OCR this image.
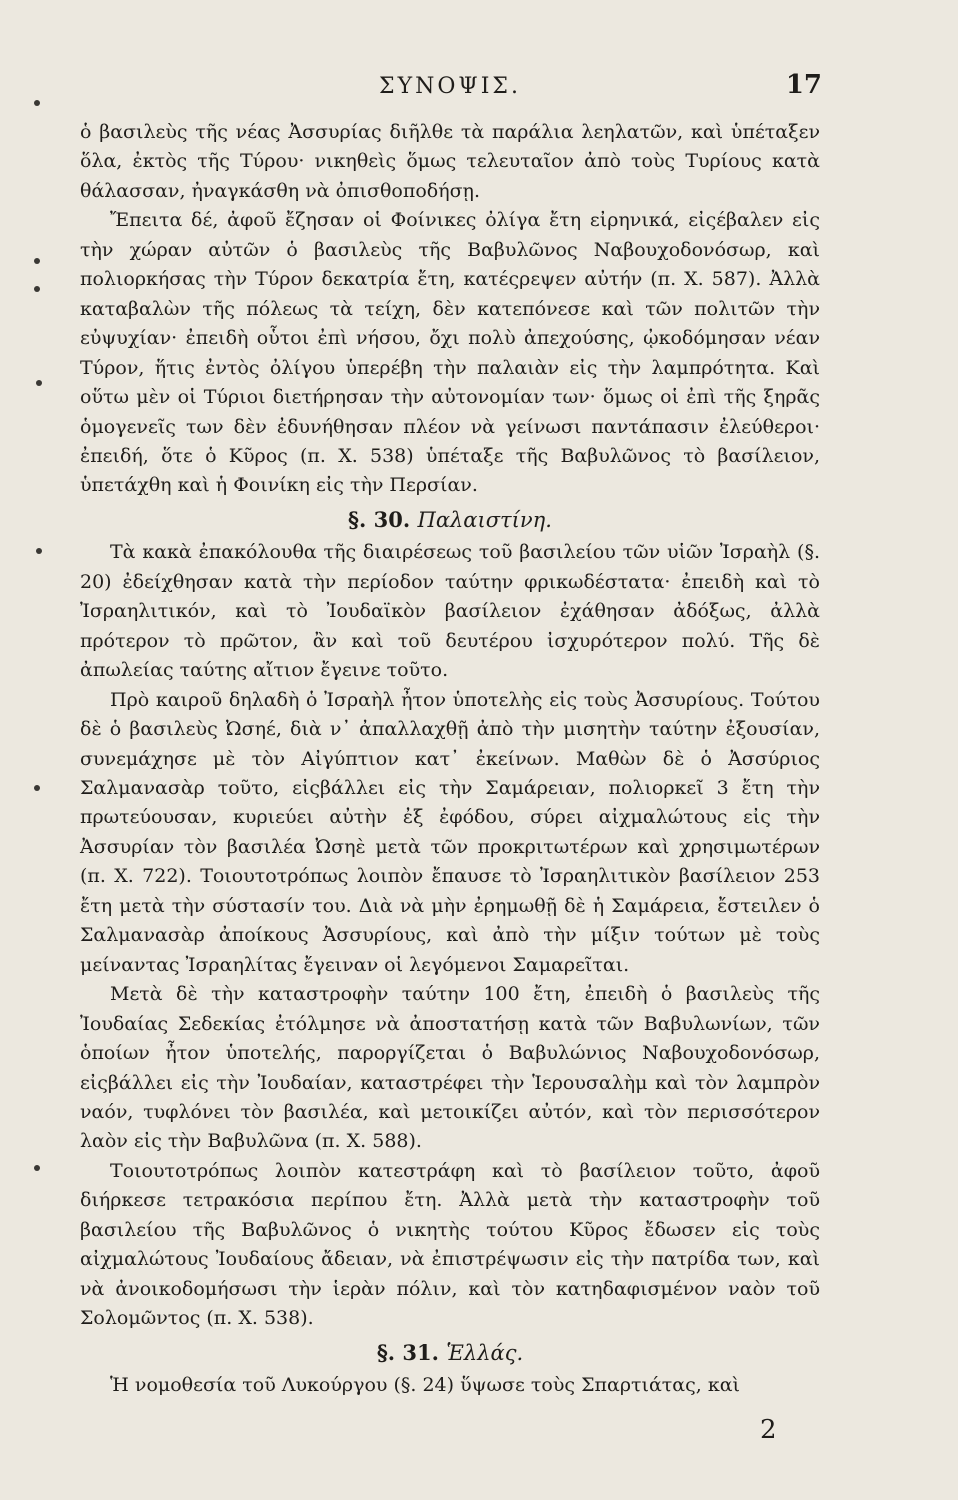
ΣΥΝΟΨΙΣ.	17

ὁ βασιλεὺς τῆς νέας Ἀσσυρίας διῆλθε τὰ παράλια λεηλατῶν, καὶ ὑπέταξεν ὅλα, ἐκτὸς τῆς Τύρου· νικηθεὶς ὅμως τελευταῖον ἀπὸ τοὺς Τυρίους κατὰ θάλασσαν, ἠναγκάσθη νὰ ὀπισθοποδήσῃ.

Ἔπειτα δέ, ἀφοῦ ἔζησαν οἱ Φοίνικες ὀλίγα ἔτη εἰρηνικά, εἰςέβαλεν εἰς τὴν χώραν αὐτῶν ὁ βασιλεὺς τῆς Βαβυλῶνος Ναβουχοδονόσωρ, καὶ πολιορκήσας τὴν Τύρον δεκατρία ἔτη, κατέςρεψεν αὐτήν (π. Χ. 587). Ἀλλὰ καταβαλὼν τῆς πόλεως τὰ τείχη, δὲν κατεπόνεσε καὶ τῶν πολιτῶν τὴν εὐψυχίαν· ἐπειδὴ οὗτοι ἐπὶ νήσου, ὄχι πολὺ ἀπεχούσης, ᾠκοδόμησαν νέαν Τύρον, ἥτις ἐντὸς ὀλίγου ὑπερέβη τὴν παλαιὰν εἰς τὴν λαμπρότητα. Καὶ οὕτω μὲν οἱ Τύριοι διετήρησαν τὴν αὐτονομίαν των· ὅμως οἱ ἐπὶ τῆς ξηρᾶς ὁμογενεῖς των δὲν ἐδυνήθησαν πλέον νὰ γείνωσι παντάπασιν ἐλεύθεροι· ἐπειδή, ὅτε ὁ Κῦρος (π. Χ. 538) ὑπέταξε τῆς Βαβυλῶνος τὸ βασίλειον, ὑπετάχθη καὶ ἡ Φοινίκη εἰς τὴν Περσίαν.

§. 30. Παλαιστίνη.

Τὰ κακὰ ἐπακόλουθα τῆς διαιρέσεως τοῦ βασιλείου τῶν υἱῶν Ἰσραὴλ (§. 20) ἐδείχθησαν κατὰ τὴν περίοδον ταύτην φρικωδέστατα· ἐπειδὴ καὶ τὸ Ἰσραηλιτικόν, καὶ τὸ Ἰουδαϊκὸν βασίλειον ἐχάθησαν ἀδόξως, ἀλλὰ πρότερον τὸ πρῶτον, ἂν καὶ τοῦ δευτέρου ἰσχυρότερον πολύ. Τῆς δὲ ἀπωλείας ταύτης αἴτιον ἔγεινε τοῦτο.

Πρὸ καιροῦ δηλαδὴ ὁ Ἰσραὴλ ἦτον ὑποτελὴς εἰς τοὺς Ἀσσυρίους. Τούτου δὲ ὁ βασιλεὺς Ὠσηέ, διὰ ν᾽ ἀπαλλαχθῇ ἀπὸ τὴν μισητὴν ταύτην ἐξουσίαν, συνεμάχησε μὲ τὸν Αἰγύπτιον κατ᾽ ἐκείνων. Μαθὼν δὲ ὁ Ἀσσύριος Σαλμανασὰρ τοῦτο, εἰςβάλλει εἰς τὴν Σαμάρειαν, πολιορκεῖ 3 ἔτη τὴν πρωτεύουσαν, κυριεύει αὐτὴν ἐξ ἐφόδου, σύρει αἰχμαλώτους εἰς τὴν Ἀσσυρίαν τὸν βασιλέα Ὠσηὲ μετὰ τῶν προκριτωτέρων καὶ χρησιμωτέρων (π. Χ. 722). Τοιουτοτρόπως λοιπὸν ἔπαυσε τὸ Ἰσραηλιτικὸν βασίλειον 253 ἔτη μετὰ τὴν σύστασίν του. Διὰ νὰ μὴν ἐρημωθῇ δὲ ἡ Σαμάρεια, ἔστειλεν ὁ Σαλμανασὰρ ἀποίκους Ἀσσυρίους, καὶ ἀπὸ τὴν μίξιν τούτων μὲ τοὺς μείναντας Ἰσραηλίτας ἔγειναν οἱ λεγόμενοι Σαμαρεῖται.

Μετὰ δὲ τὴν καταστροφὴν ταύτην 100 ἔτη, ἐπειδὴ ὁ βασιλεὺς τῆς Ἰουδαίας Σεδεκίας ἐτόλμησε νὰ ἀποστατήσῃ κατὰ τῶν Βαβυλωνίων, τῶν ὁποίων ἦτον ὑποτελής, παροργίζεται ὁ Βαβυλώνιος Ναβουχοδονόσωρ, εἰςβάλλει εἰς τὴν Ἰουδαίαν, καταστρέφει τὴν Ἱερουσαλὴμ καὶ τὸν λαμπρὸν ναόν, τυφλόνει τὸν βασιλέα, καὶ μετοικίζει αὐτόν, καὶ τὸν περισσότερον λαὸν εἰς τὴν Βαβυλῶνα (π. Χ. 588).

Τοιουτοτρόπως λοιπὸν κατεστράφη καὶ τὸ βασίλειον τοῦτο, ἀφοῦ διήρκεσε τετρακόσια περίπου ἔτη. Ἀλλὰ μετὰ τὴν καταστροφὴν τοῦ βασιλείου τῆς Βαβυλῶνος ὁ νικητὴς τούτου Κῦρος ἔδωσεν εἰς τοὺς αἰχμαλώτους Ἰουδαίους ἄδειαν, νὰ ἐπιστρέψωσιν εἰς τὴν πατρίδα των, καὶ νὰ ἀνοικοδομήσωσι τὴν ἱερὰν πόλιν, καὶ τὸν κατηδαφισμένον ναὸν τοῦ Σολομῶντος (π. Χ. 538).

§. 31. Ἑλλάς.

Ἡ νομοθεσία τοῦ Λυκούργου (§. 24) ὕψωσε τοὺς Σπαρτιάτας, καὶ

2
